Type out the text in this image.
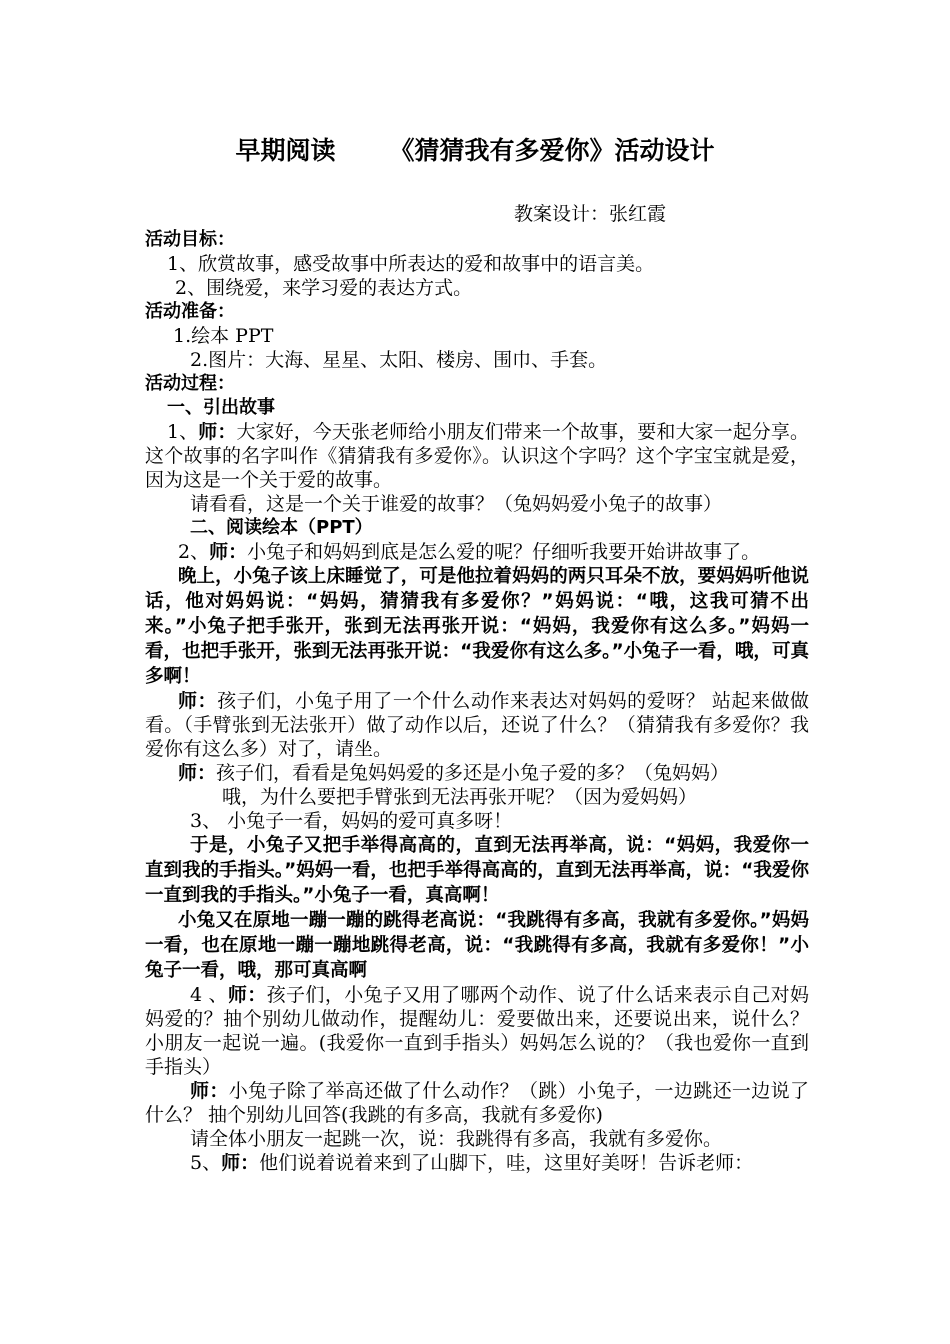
早期阅读 《猜猜我有多爱你》活动设计
教案设计：张红霞

活动目标：

1、欣赏故事，感受故事中所表达的爱和故事中的语言美。

2、围绕爱，来学习爱的表达方式。

活动准备：

1.绘本 PPT

2.图片：大海、星星、太阳、楼房、围巾、手套。

活动过程：

一、引出故事

1、师：大家好，今天张老师给小朋友们带来一个故事，要和大家一起分享。这个故事的名字叫作《猜猜我有多爱你》。认识这个字吗？这个字宝宝就是爱，因为这是一个关于爱的故事。

请看看，这是一个关于谁爱的故事？（兔妈妈爱小兔子的故事）

二、阅读绘本（PPT）

2、师：小兔子和妈妈到底是怎么爱的呢？仔细听我要开始讲故事了。

晚上，小兔子该上床睡觉了，可是他拉着妈妈的两只耳朵不放，要妈妈听他说话，他对妈妈说：“妈妈，猜猜我有多爱你？”妈妈说：“哦，这我可猜不出来。”小兔子把手张开，张到无法再张开说：“妈妈，我爱你有这么多。”妈妈一看，也把手张开，张到无法再张开说：“我爱你有这么多。”小兔子一看，哦，可真多啊！

师：孩子们，小兔子用了一个什么动作来表达对妈妈的爱呀？ 站起来做做看。（手臂张到无法张开）做了动作以后，还说了什么？（猜猜我有多爱你？我爱你有这么多）对了，请坐。

师：孩子们，看看是兔妈妈爱的多还是小兔子爱的多？（兔妈妈）

哦，为什么要把手臂张到无法再张开呢？（因为爱妈妈）

3、 小兔子一看，妈妈的爱可真多呀！

于是，小兔子又把手举得高高的，直到无法再举高，说：“妈妈，我爱你一直到我的手指头。”妈妈一看，也把手举得高高的，直到无法再举高，说：“我爱你一直到我的手指头。”小兔子一看，真高啊！

小兔又在原地一蹦一蹦的跳得老高说：“我跳得有多高，我就有多爱你。”妈妈一看，也在原地一蹦一蹦地跳得老高，说：“我跳得有多高，我就有多爱你！”小兔子一看，哦，那可真高啊

4 、师：孩子们，小兔子又用了哪两个动作、说了什么话来表示自己对妈妈爱的？抽个别幼儿做动作，提醒幼儿：爱要做出来，还要说出来，说什么？小朋友一起说一遍。(我爱你一直到手指头）妈妈怎么说的？（我也爱你一直到手指头）

师：小兔子除了举高还做了什么动作？（跳）小兔子，一边跳还一边说了什么？ 抽个别幼儿回答(我跳的有多高，我就有多爱你)

请全体小朋友一起跳一次，说：我跳得有多高，我就有多爱你。

5、师：他们说着说着来到了山脚下，哇，这里好美呀！告诉老师：
